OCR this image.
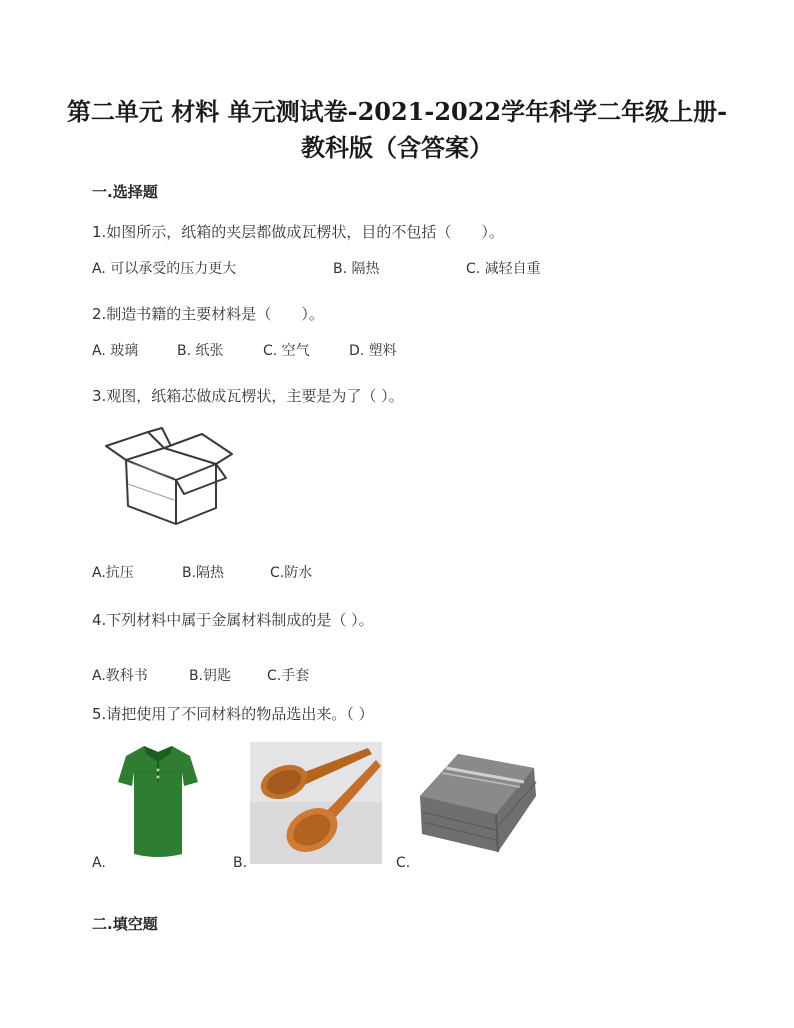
第二单元 材料 单元测试卷-2021-2022学年科学二年级上册-
教科版（含答案）
一.选择题
1.如图所示，纸箱的夹层都做成瓦楞状，目的不包括（　　）。
A. 可以承受的压力更大	B. 隔热	C. 减轻自重
2.制造书籍的主要材料是（　　）。
A. 玻璃	B. 纸张	C. 空气	D. 塑料
3.观图，纸箱芯做成瓦楞状，主要是为了（ ）。
A.抗压	B.隔热	C.防水
4.下列材料中属于金属材料制成的是（ ）。
A.教科书	B.钥匙	C.手套
5.请把使用了不同材料的物品选出来。（ ）
A.	B.	C.
二.填空题
